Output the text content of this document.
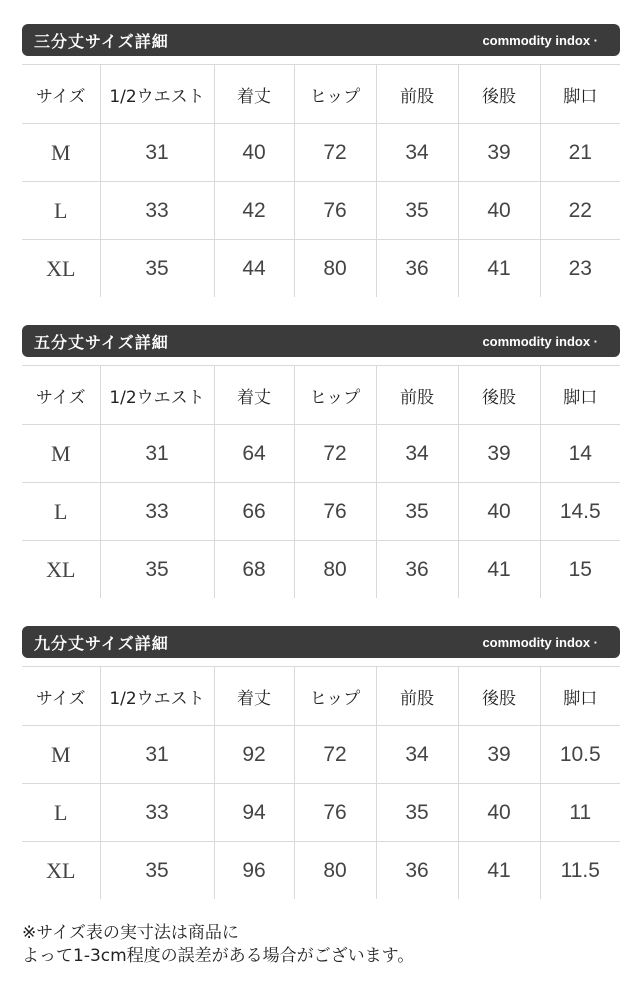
三分丈サイズ詳細	commodity indox ·
サイズ	1/2ウエスト	着丈	ヒップ	前股	後股	脚口
M	31	40	72	34	39	21
L	33	42	76	35	40	22
XL	35	44	80	36	41	23
五分丈サイズ詳細	commodity indox ·
サイズ	1/2ウエスト	着丈	ヒップ	前股	後股	脚口
M	31	64	72	34	39	14
L	33	66	76	35	40	14.5
XL	35	68	80	36	41	15
九分丈サイズ詳細	commodity indox ·
サイズ	1/2ウエスト	着丈	ヒップ	前股	後股	脚口
M	31	92	72	34	39	10.5
L	33	94	76	35	40	11
XL	35	96	80	36	41	11.5
※サイズ表の実寸法は商品に
よって1-3cm程度の誤差がある場合がございます。
